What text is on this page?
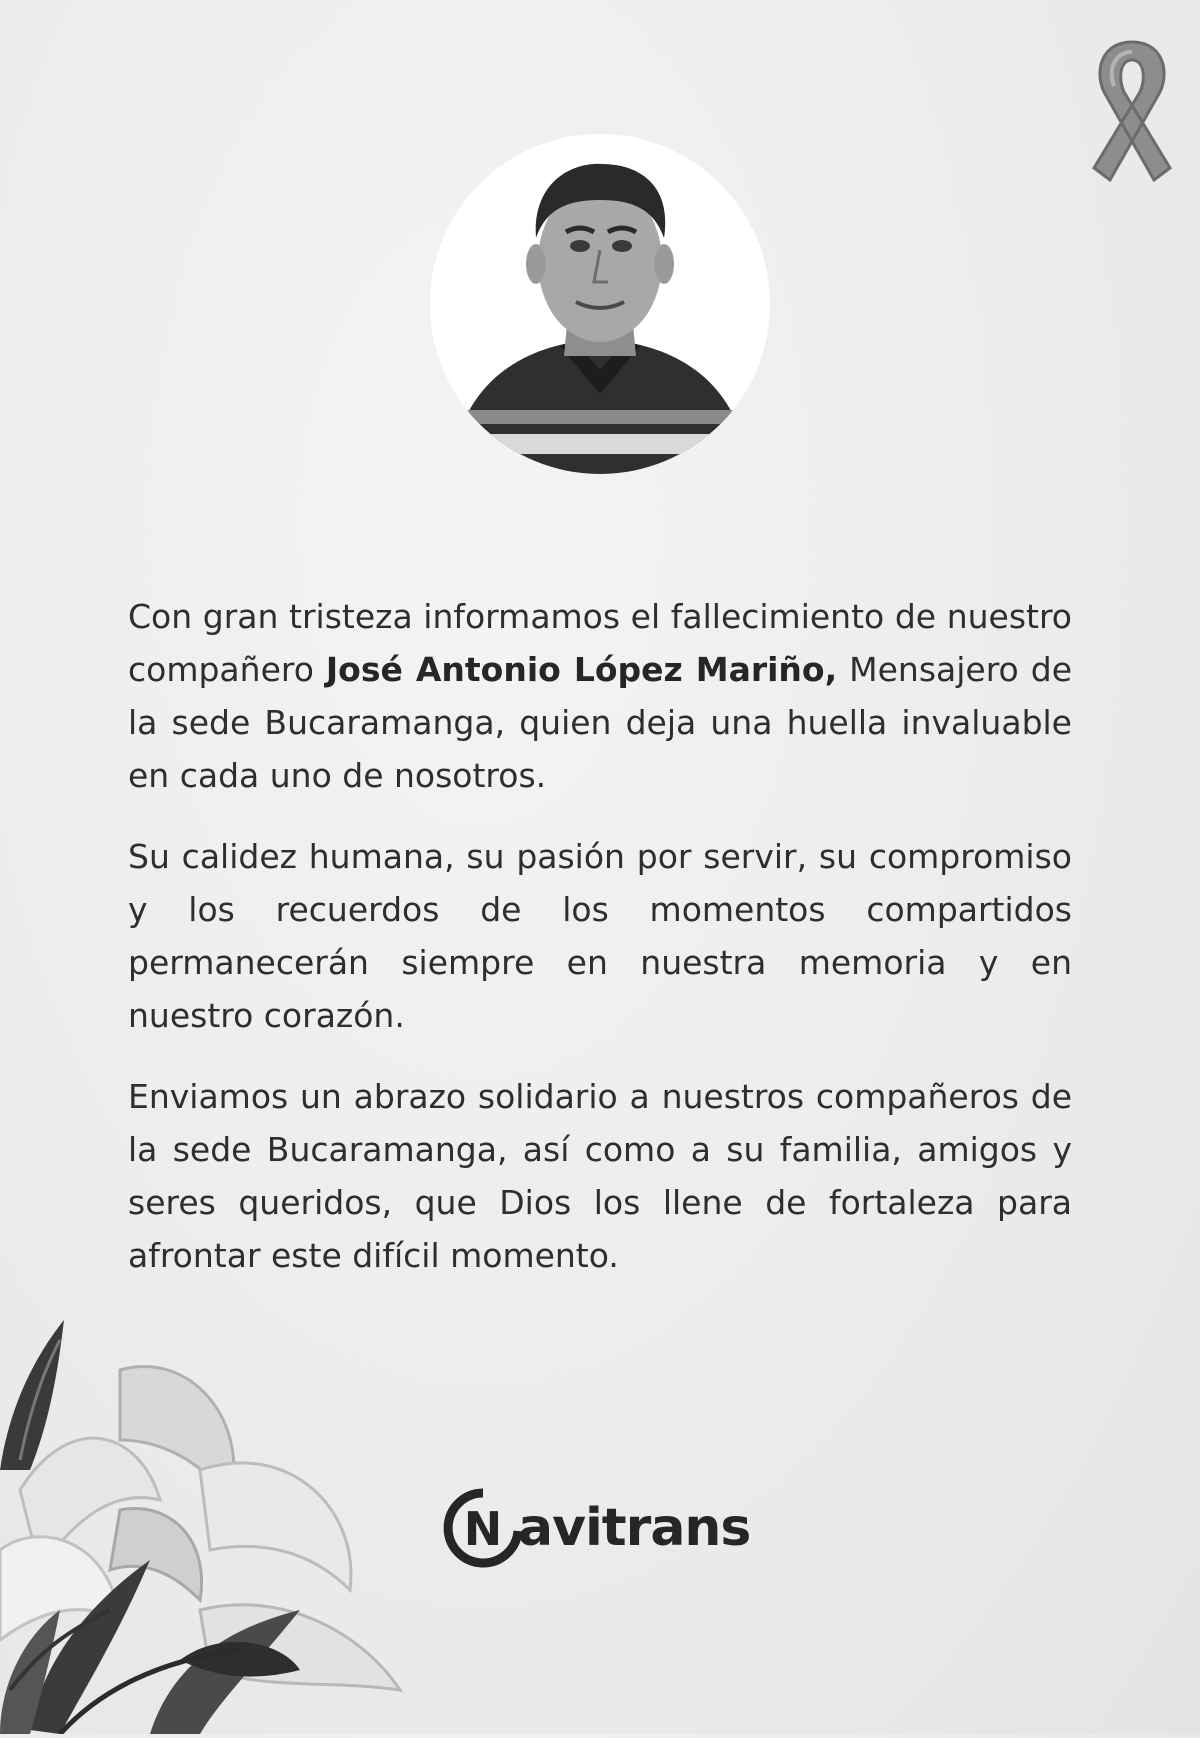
Con gran tristeza informamos el fallecimiento de nuestro compañero José Antonio López Mariño, Mensajero de la sede Bucaramanga, quien deja una huella invaluable en cada uno de nosotros.

Su calidez humana, su pasión por servir, su compromiso y los recuerdos de los momentos compartidos permanecerán siempre en nuestra memoria y en nuestro corazón.

Enviamos un abrazo solidario a nuestros compañeros de la sede Bucaramanga, así como a su familia, amigos y seres queridos, que Dios los llene de fortaleza para afrontar este difícil momento.

N avitrans
